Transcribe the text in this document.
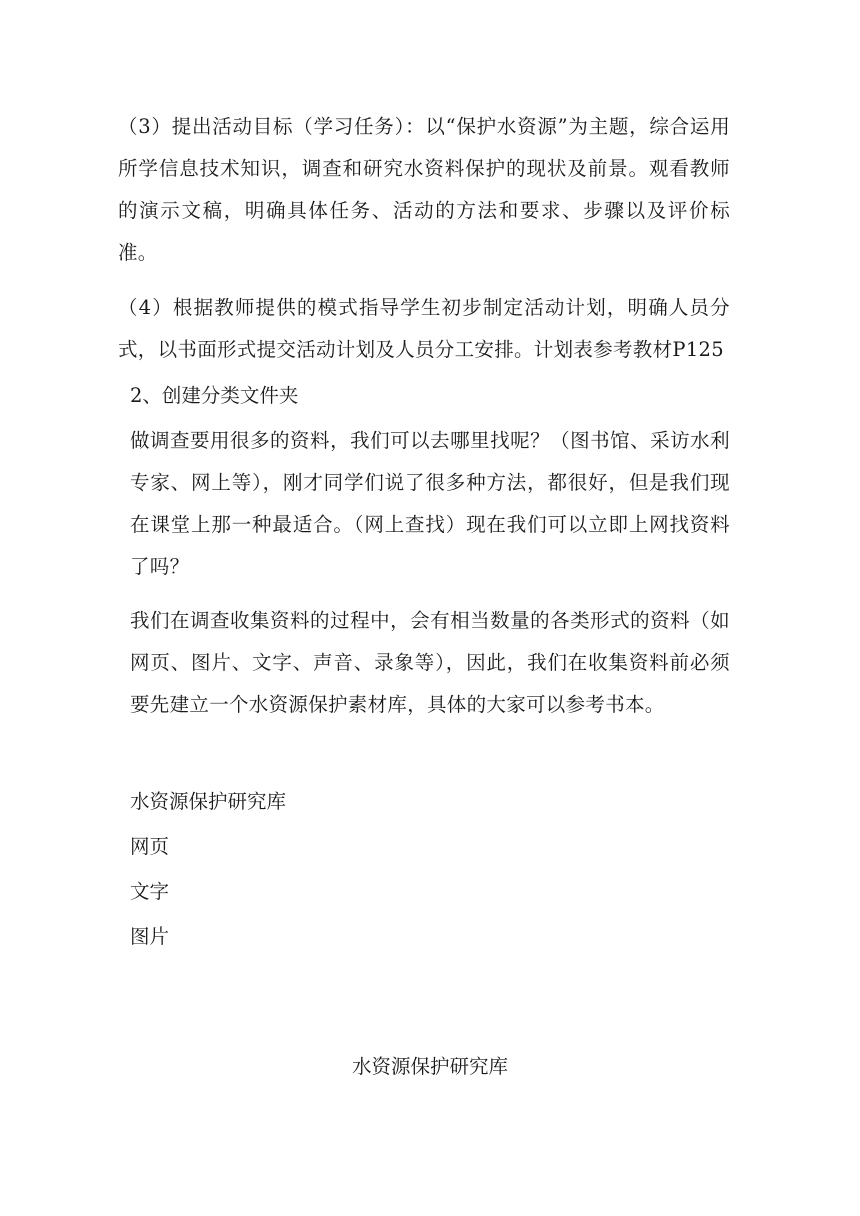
（3）提出活动目标（学习任务）：以“保护水资源”为主题，综合运用所学信息技术知识，调查和研究水资料保护的现状及前景。观看教师的演示文稿，明确具体任务、活动的方法和要求、步骤以及评价标准。

（4）根据教师提供的模式指导学生初步制定活动计划，明确人员分式，以书面形式提交活动计划及人员分工安排。计划表参考教材P125

2、创建分类文件夹

做调查要用很多的资料，我们可以去哪里找呢？（图书馆、采访水利专家、网上等），刚才同学们说了很多种方法，都很好，但是我们现在课堂上那一种最适合。（网上查找）现在我们可以立即上网找资料了吗？

我们在调查收集资料的过程中，会有相当数量的各类形式的资料（如网页、图片、文字、声音、录象等），因此，我们在收集资料前必须要先建立一个水资源保护素材库，具体的大家可以参考书本。

水资源保护研究库

网页

文字

图片

水资源保护研究库
